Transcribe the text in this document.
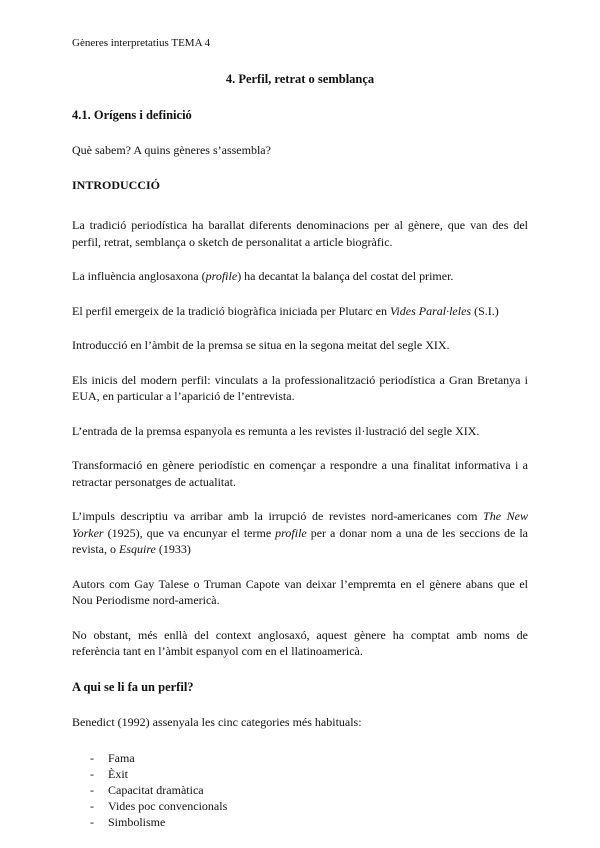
Gèneres interpretatius TEMA 4
4. Perfil, retrat o semblança
4.1. Orígens i definició

Què sabem? A quins gèneres s’assembla?

INTRODUCCIÓ

La tradició periodística ha barallat diferents denominacions per al gènere, que van des del perfil, retrat, semblança o sketch de personalitat a article biogràfic.

La influència anglosaxona (profile) ha decantat la balança del costat del primer.

El perfil emergeix de la tradició biogràfica iniciada per Plutarc en Vides Paral·leles (S.I.)

Introducció en l’àmbit de la premsa se situa en la segona meitat del segle XIX.

Els inicis del modern perfil: vinculats a la professionalització periodística a Gran Bretanya i EUA, en particular a l’aparició de l’entrevista.

L’entrada de la premsa espanyola es remunta a les revistes il·lustració del segle XIX.

Transformació en gènere periodístic en començar a respondre a una finalitat informativa i a retractar personatges de actualitat.

L’impuls descriptiu va arribar amb la irrupció de revistes nord-americanes com The New Yorker (1925), que va encunyar el terme profile per a donar nom a una de les seccions de la revista, o Esquire (1933)

Autors com Gay Talese o Truman Capote van deixar l’empremta en el gènere abans que el Nou Periodisme nord-americà.

No obstant, més enllà del context anglosaxó, aquest gènere ha comptat amb noms de referència tant en l’àmbit espanyol com en el llatinoamericà.

A qui se li fa un perfil?

Benedict (1992) assenyala les cinc categories més habituals:

- Fama
- Èxit
- Capacitat dramàtica
- Vides poc convencionals
- Simbolisme
